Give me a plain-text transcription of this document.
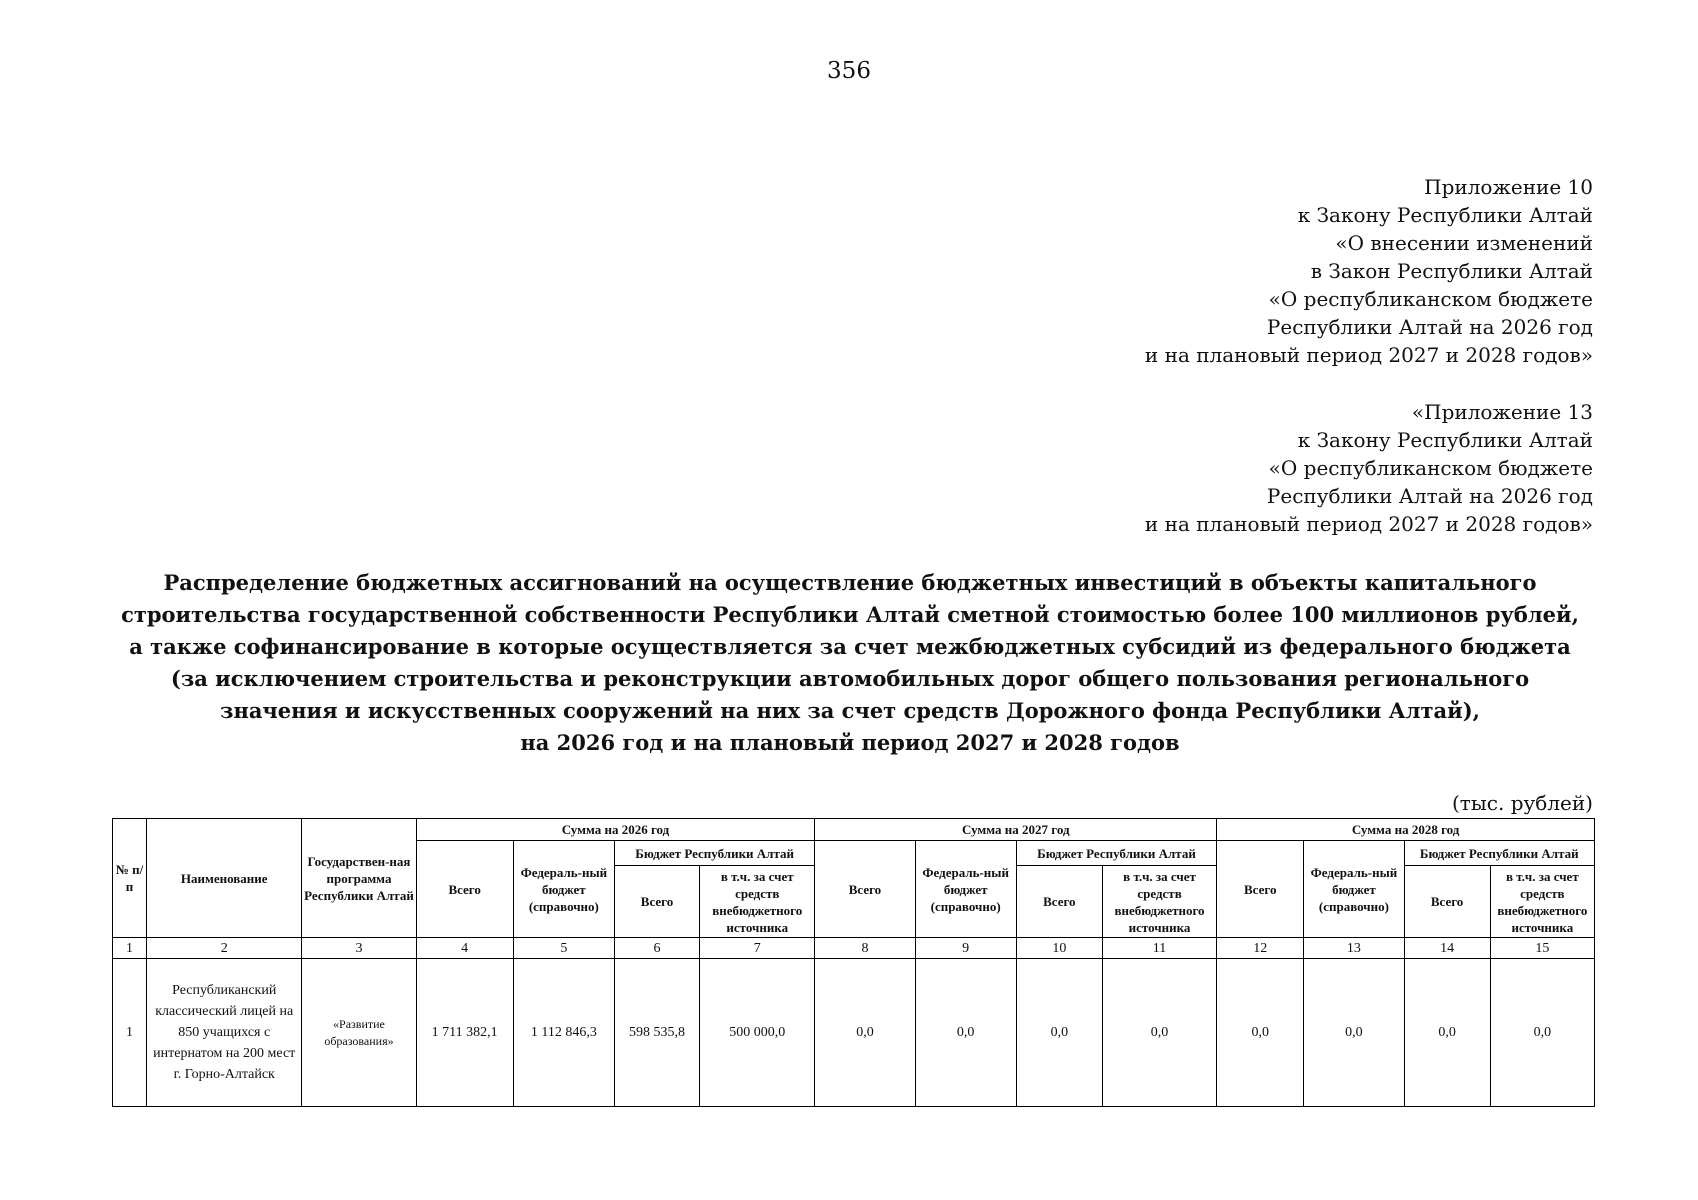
356
Приложение 10
к Закону Республики Алтай
«О внесении изменений
в Закон Республики Алтай
«О республиканском бюджете
Республики Алтай на 2026 год
и на плановый период 2027 и 2028 годов»
«Приложение 13
к Закону Республики Алтай
«О республиканском бюджете
Республики Алтай на 2026 год
и на плановый период 2027 и 2028 годов»
Распределение бюджетных ассигнований на осуществление бюджетных инвестиций в объекты капитального
строительства государственной собственности Республики Алтай сметной стоимостью более 100 миллионов рублей,
а также софинансирование в которые осуществляется за счет межбюджетных субсидий из федерального бюджета
(за исключением строительства и реконструкции автомобильных дорог общего пользования регионального
значения и искусственных сооружений на них за счет средств Дорожного фонда Республики Алтай),
на 2026 год и на плановый период 2027 и 2028 годов
(тыс. рублей)
№ п/п	Наименование	Государствен-ная программа Республики Алтай	Сумма на 2026 год				Сумма на 2027 год				Сумма на 2028 год			
			Всего	Федераль-ный бюджет (справочно)	Бюджет Республики Алтай		Всего	Федераль-ный бюджет (справочно)	Бюджет Республики Алтай		Всего	Федераль-ный бюджет (справочно)	Бюджет Республики Алтай	
					Всего	в т.ч. за счет средств внебюджетного источника			Всего	в т.ч. за счет средств внебюджетного источника			Всего	в т.ч. за счет средств внебюджетного источника

1	2	3	4	5	6	7	8	9	10	11	12	13	14	15
1	Республиканский классический лицей на 850 учащихся с интернатом на 200 мест г. Горно-Алтайск	«Развитие образования»	1 711 382,1	1 112 846,3	598 535,8	500 000,0	0,0	0,0	0,0	0,0	0,0	0,0	0,0	0,0
